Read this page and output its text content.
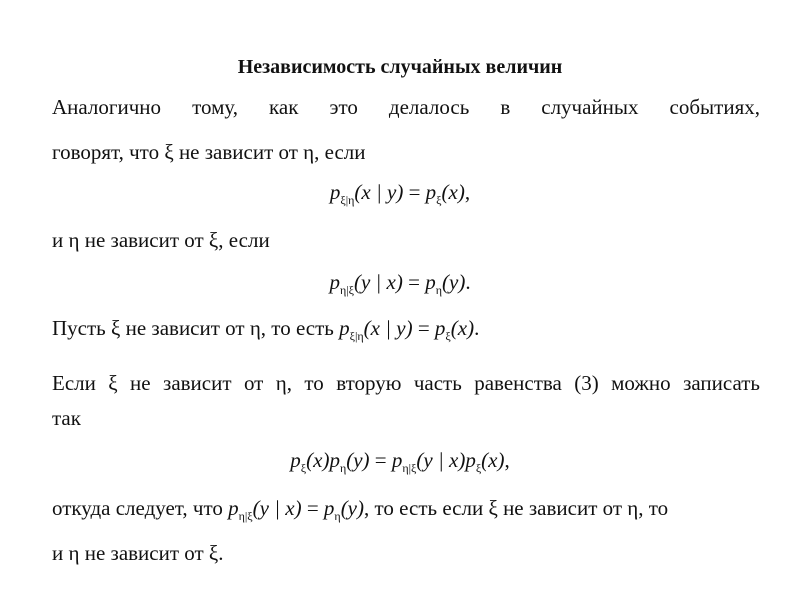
Независимость случайных величин
Аналогично тому, как это делалось в случайных событиях,
говорят, что ξ не зависит от η, если
$p_{\xi|\eta}(x$ | $y) = p_\xi(x)$,
и η не зависит от ξ, если
$p_{\eta|\xi}(y$ | $x) = p_\eta(y)$.
Пусть ξ не зависит от η, то есть $p_{\xi|\eta}(x$ | $y) = p_\xi(x)$.
Если ξ не зависит от η, то вторую часть равенства (3) можно записать
так
$p_\xi(x)p_\eta(y) = p_{\eta|\xi}(y$ | $x)p_\xi(x)$,
откуда следует, что $p_{\eta|\xi}(y$ | $x) = p_\eta(y)$, то есть если ξ не зависит от η, то
и η не зависит от ξ.
